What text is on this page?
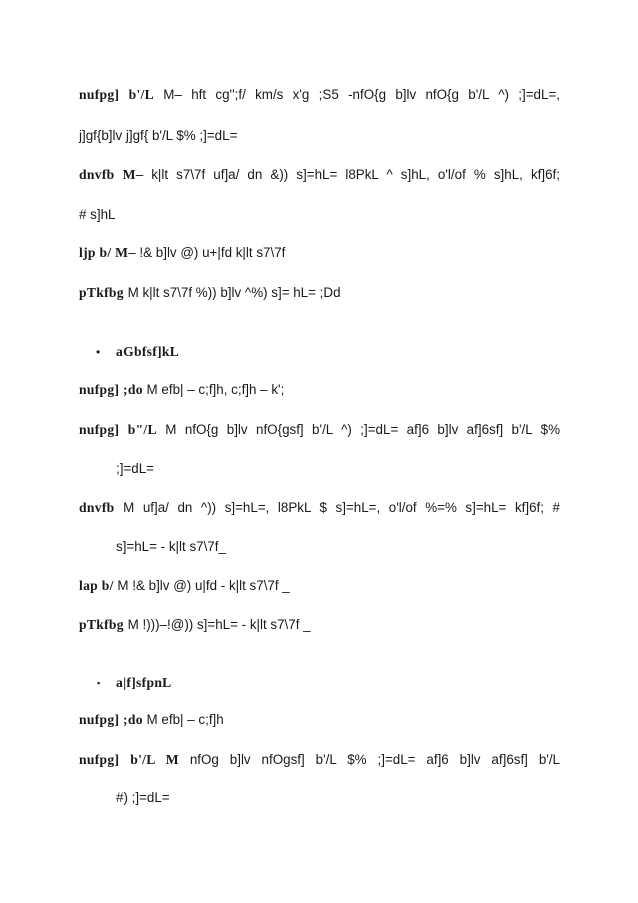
nufpg] b'/L M– hft cg'';f/ km/s x'g ;S5 -nfO{g b]lv nfO{g b'/L ^) ;]=dL=,
j]gf{b]lv j]gf{ b'/L $% ;]=dL=
dnvfb M– k|lt s7\7f uf]a/ dn &)) s]=hL= l8PkL ^ s]hL, o'l/of % s]hL, kf]6f;
# s]hL
ljp b/ M– !& b]lv @) u+|fd k|lt s7\7f
pTkfbg M k|lt s7\7f %)) b]lv ^%) s]= hL= ;Dd
• aGbfsf]kL
nufpg] ;do M efb| – c;f]h, c;f]h – k';
nufpg] b"/L M nfO{g b]lv nfO{gsf] b'/L ^) ;]=dL= af]6 b]lv af]6sf] b'/L $%
;]=dL=
dnvfb M uf]a/ dn ^)) s]=hL=, l8PkL $ s]=hL=, o'l/of %=% s]=hL= kf]6f; #
s]=hL= - k|lt s7\7f_
lap b/ M !& b]lv @) u|fd - k|lt s7\7f _
pTkfbg M !)))–!@)) s]=hL= - k|lt s7\7f _
▪ a|f]sfpnL
nufpg] ;do M efb| – c;f]h
nufpg] b'/L M nfOg b]lv nfOgsf] b'/L $% ;]=dL= af]6 b]lv af]6sf] b'/L
#) ;]=dL=
